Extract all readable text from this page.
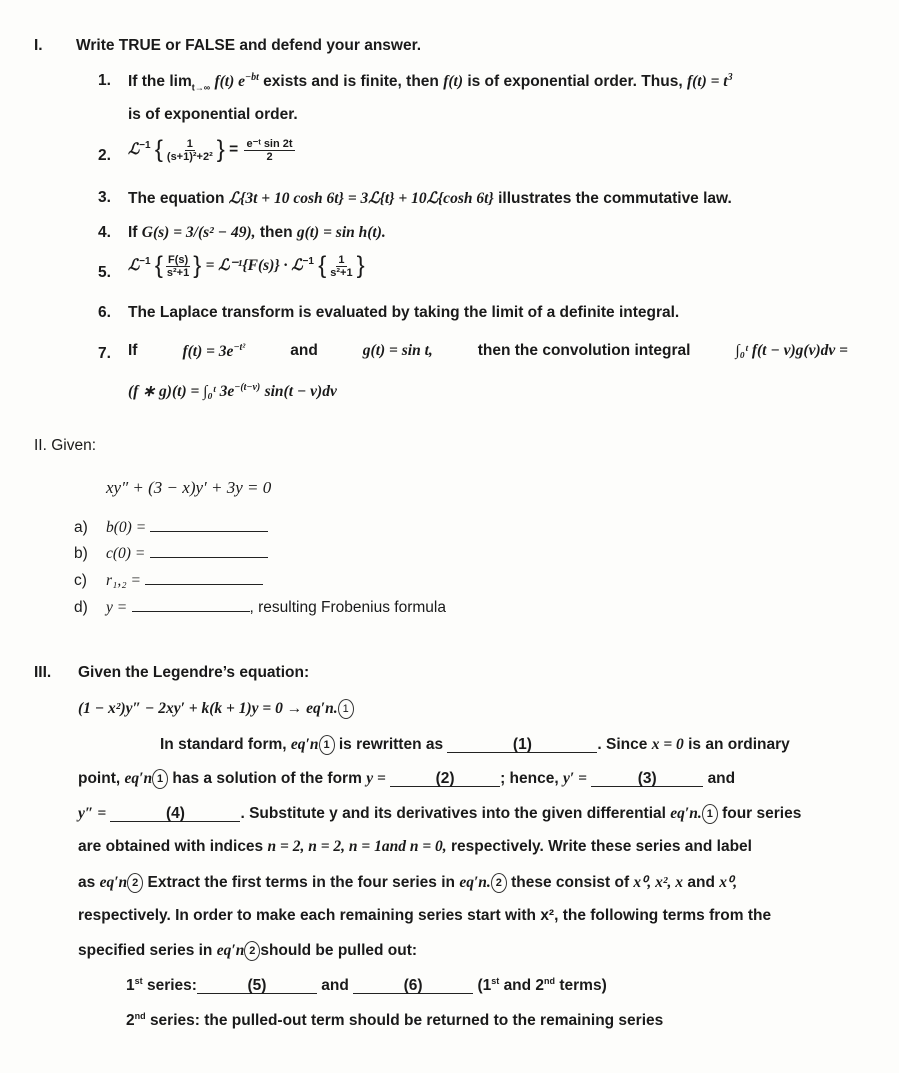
I. Write TRUE or FALSE and defend your answer.
1. If the $\lim_{t\to\infty} f(t)$ $e^{-bt}$ exists and is finite, then f(t) is of exponential order. Thus, $f(t) = t^3$
is of exponential order.
2. ℒ$^{-1}$ { $\frac{1}{\text{(s+1)²+2²}}$ } = $\frac{\text{e⁻ᵗ sin 2t}}{2}$
3. The equation ℒ{3t + 10 cosh 6t} = 3ℒ{t} + 10ℒ{cosh 6t} illustrates the commutative law.
4. If G(s) = 3/(s² − 49), then g(t) = sin h(t).
5. ℒ$^{-1}$ { $\frac{F(s)}{\text{s²+1}}$ } = ℒ⁻¹{F(s)} · ℒ$^{-1}$ { $\frac{1}{\text{s²+1}}$ }
6. The Laplace transform is evaluated by taking the limit of a definite integral.
7. If	$f(t) = 3e^{-t^2}$	and	g(t) = sin t,	then the convolution integral	∫₀ᵗ f(t − v)g(v)dv =
(f ∗ g)(t) = ∫₀ᵗ $3e^{-(t-v)}$ sin(t − v)dv
II. Given:
xy″ + (3 − x)y′ + 3y = 0
a) b(0) =
b) c(0) =
c) r₁,₂ =
d) y =	, resulting Frobenius formula
III. Given the Legendre’s equation:
(1 − x²)y″ − 2xy′ + k(k + 1)y = 0 → eq′n. 1
In standard form, eq′n 1 is rewritten as	(1)	. Since x = 0 is an ordinary
point, eq′n 1 has a solution of the form y =	(2)	; hence, y′ =	(3)	and
y″ =	(4)	. Substitute y and its derivatives into the given differential eq′n. 1 four series
are obtained with indices n = 2, n = 2, n = 1and n = 0, respectively. Write these series and label
as eq′n 2 Extract the first terms in the four series in eq′n. 2 these consist of x⁰, x², x and x⁰,
respectively. In order to make each remaining series start with x², the following terms from the
specified series in eq′n 2 should be pulled out:
1st series:	(5)	and	(6)	(1st and 2nd terms)
2nd series: the pulled-out term should be returned to the remaining series
